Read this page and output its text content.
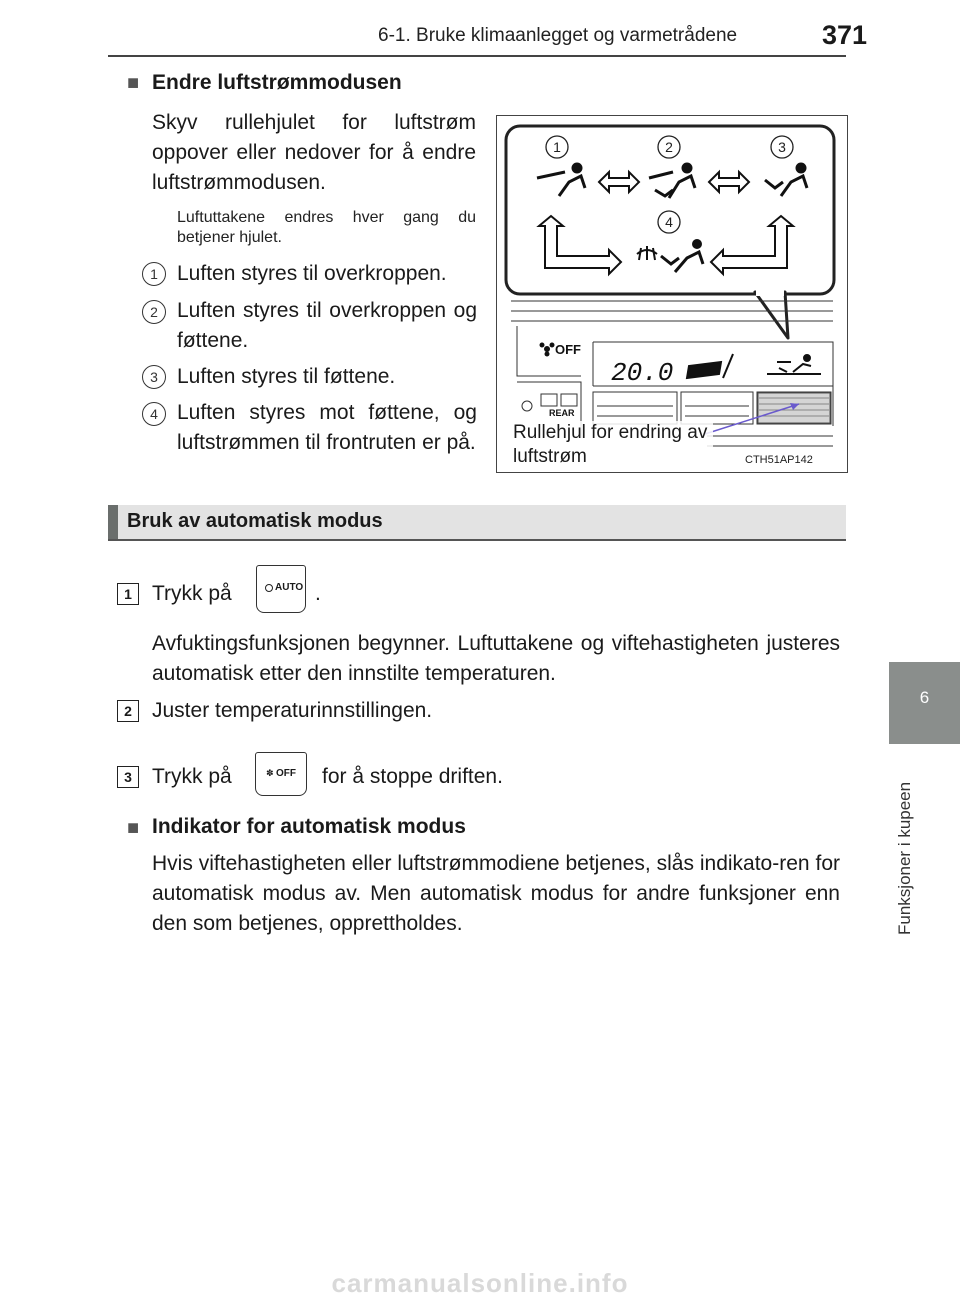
6-1. Bruke klimaanlegget og varmetrådene	371
6
Funksjoner i kupeen
■ Endre luftstrømmodusen
Skyv rullehjulet for luftstrøm oppover eller nedover for å endre luftstrømmodusen.
Luftuttakene endres hver gang du betjener hjulet.
1 Luften styres til overkroppen.
2 Luften styres til overkroppen og føttene.
3 Luften styres til føttene.
4 Luften styres mot føttene, og luftstrømmen til frontruten er på.
OFF
20.0
REAR
1	2	3
4
Rullehjul for endring av luftstrøm	CTH51AP142
Bruk av automatisk modus
1 Trykk på	AUTO .
Avfuktingsfunksjonen begynner. Luftuttakene og viftehastigheten justeres automatisk etter den innstilte temperaturen.
2 Juster temperaturinnstillingen.
3 Trykk på	✽ OFF for å stoppe driften.
■ Indikator for automatisk modus
Hvis viftehastigheten eller luftstrømmodiene betjenes, slås indikato-ren for automatisk modus av. Men automatisk modus for andre funksjoner enn den som betjenes, opprettholdes.
carmanualsonline.info
